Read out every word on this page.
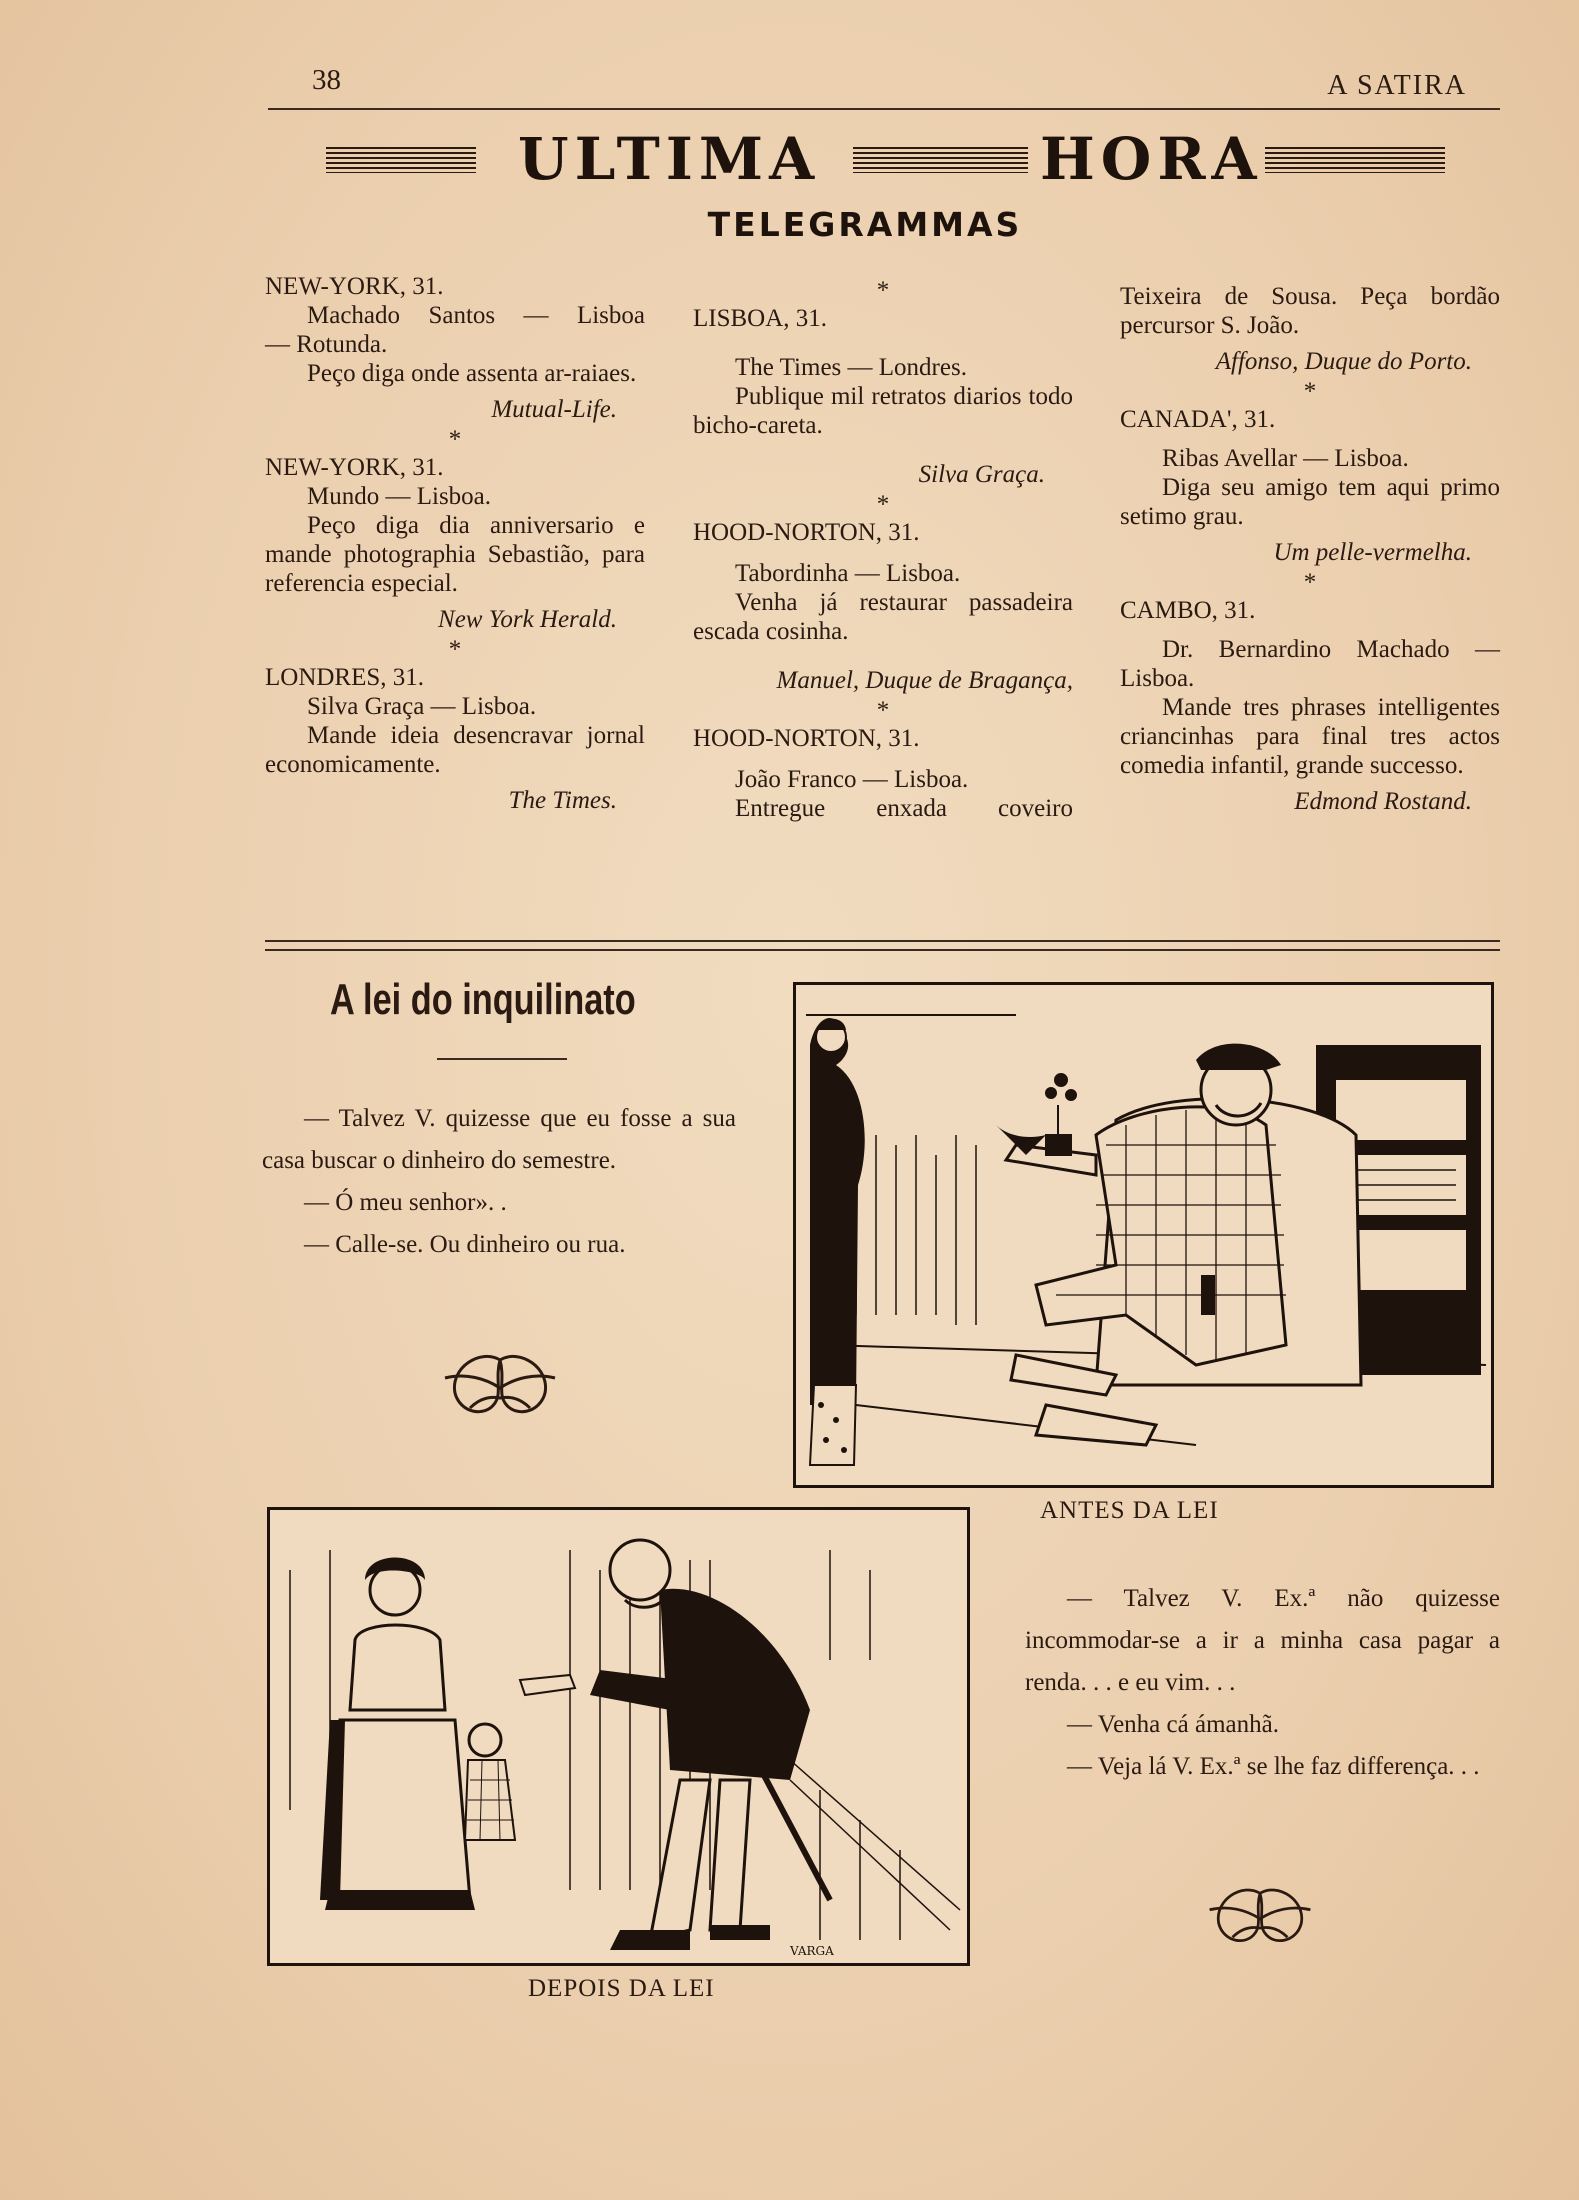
38	A SATIRA
ULTIMA	HORA
TELEGRAMMAS

NEW-YORK, 31.

Machado Santos — Lisboa

— Rotunda.

Peço diga onde assenta ar-raiaes.

Mutual-Life.

*

NEW-YORK, 31.

Mundo — Lisboa.

Peço diga dia anniversario e mande photographia Sebastião, para referencia especial.

New York Herald.

*

LONDRES, 31.

Silva Graça — Lisboa.

Mande ideia desencravar jornal economicamente.

The Times.

*

LISBOA, 31.

The Times — Londres.

Publique mil retratos diarios todo bicho-careta.

Silva Graça.

*

HOOD-NORTON, 31.

Tabordinha — Lisboa.

Venha já restaurar passadeira escada cosinha.

Manuel, Duque de Bragança,

*

HOOD-NORTON, 31.

João Franco — Lisboa.

Entregue enxada coveiro

Teixeira de Sousa. Peça bordão percursor S. João.

Affonso, Duque do Porto.

*

CANADA', 31.

Ribas Avellar — Lisboa.

Diga seu amigo tem aqui primo setimo grau.

Um pelle-vermelha.

*

CAMBO, 31.

Dr. Bernardino Machado — Lisboa.

Mande tres phrases intelligentes criancinhas para final tres actos comedia infantil, grande successo.

Edmond Rostand.

A lei do inquilinato

— Talvez V. quizesse que eu fosse a sua casa buscar o dinheiro do semestre.

— Ó meu senhor». .

— Calle-se. Ou dinheiro ou rua.

ANTES DA LEI
VARGA
DEPOIS DA LEI

— Talvez V. Ex.ª não quizesse incommodar-se a ir a minha casa pagar a renda. . . e eu vim. . .

— Venha cá ámanhã.

— Veja lá V. Ex.ª se lhe faz differença. . .
